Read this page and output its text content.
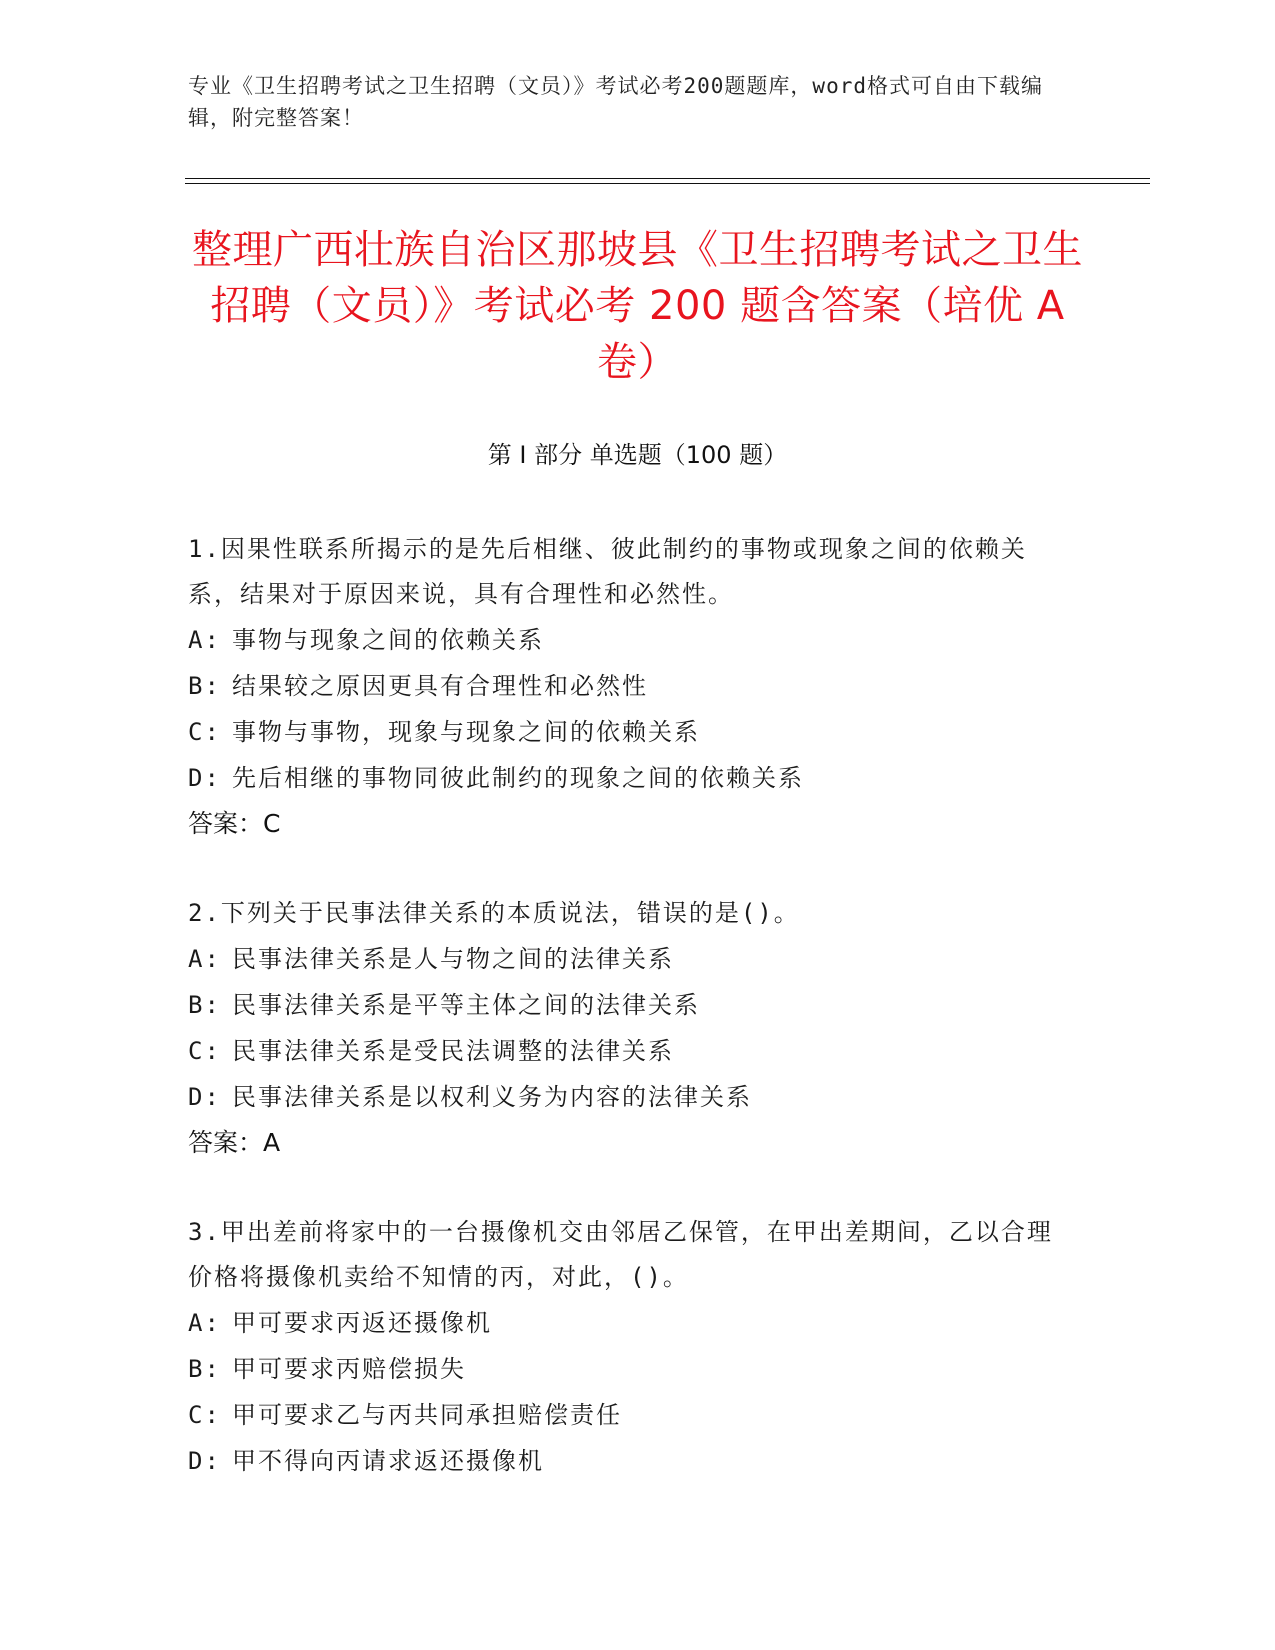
专业《卫生招聘考试之卫生招聘（文员）》考试必考200题题库，word格式可自由下载编辑，附完整答案！
整理广西壮族自治区那坡县《卫生招聘考试之卫生招聘（文员）》考试必考 200 题含答案（培优 A 卷）
第 I 部分 单选题（100 题）
1.因果性联系所揭示的是先后相继、彼此制约的事物或现象之间的依赖关系，结果对于原因来说，具有合理性和必然性。
A: 事物与现象之间的依赖关系
B: 结果较之原因更具有合理性和必然性
C: 事物与事物，现象与现象之间的依赖关系
D: 先后相继的事物同彼此制约的现象之间的依赖关系
答案：C
2.下列关于民事法律关系的本质说法，错误的是()。
A: 民事法律关系是人与物之间的法律关系
B: 民事法律关系是平等主体之间的法律关系
C: 民事法律关系是受民法调整的法律关系
D: 民事法律关系是以权利义务为内容的法律关系
答案：A
3.甲出差前将家中的一台摄像机交由邻居乙保管，在甲出差期间，乙以合理价格将摄像机卖给不知情的丙，对此，()。
A: 甲可要求丙返还摄像机
B: 甲可要求丙赔偿损失
C: 甲可要求乙与丙共同承担赔偿责任
D: 甲不得向丙请求返还摄像机
